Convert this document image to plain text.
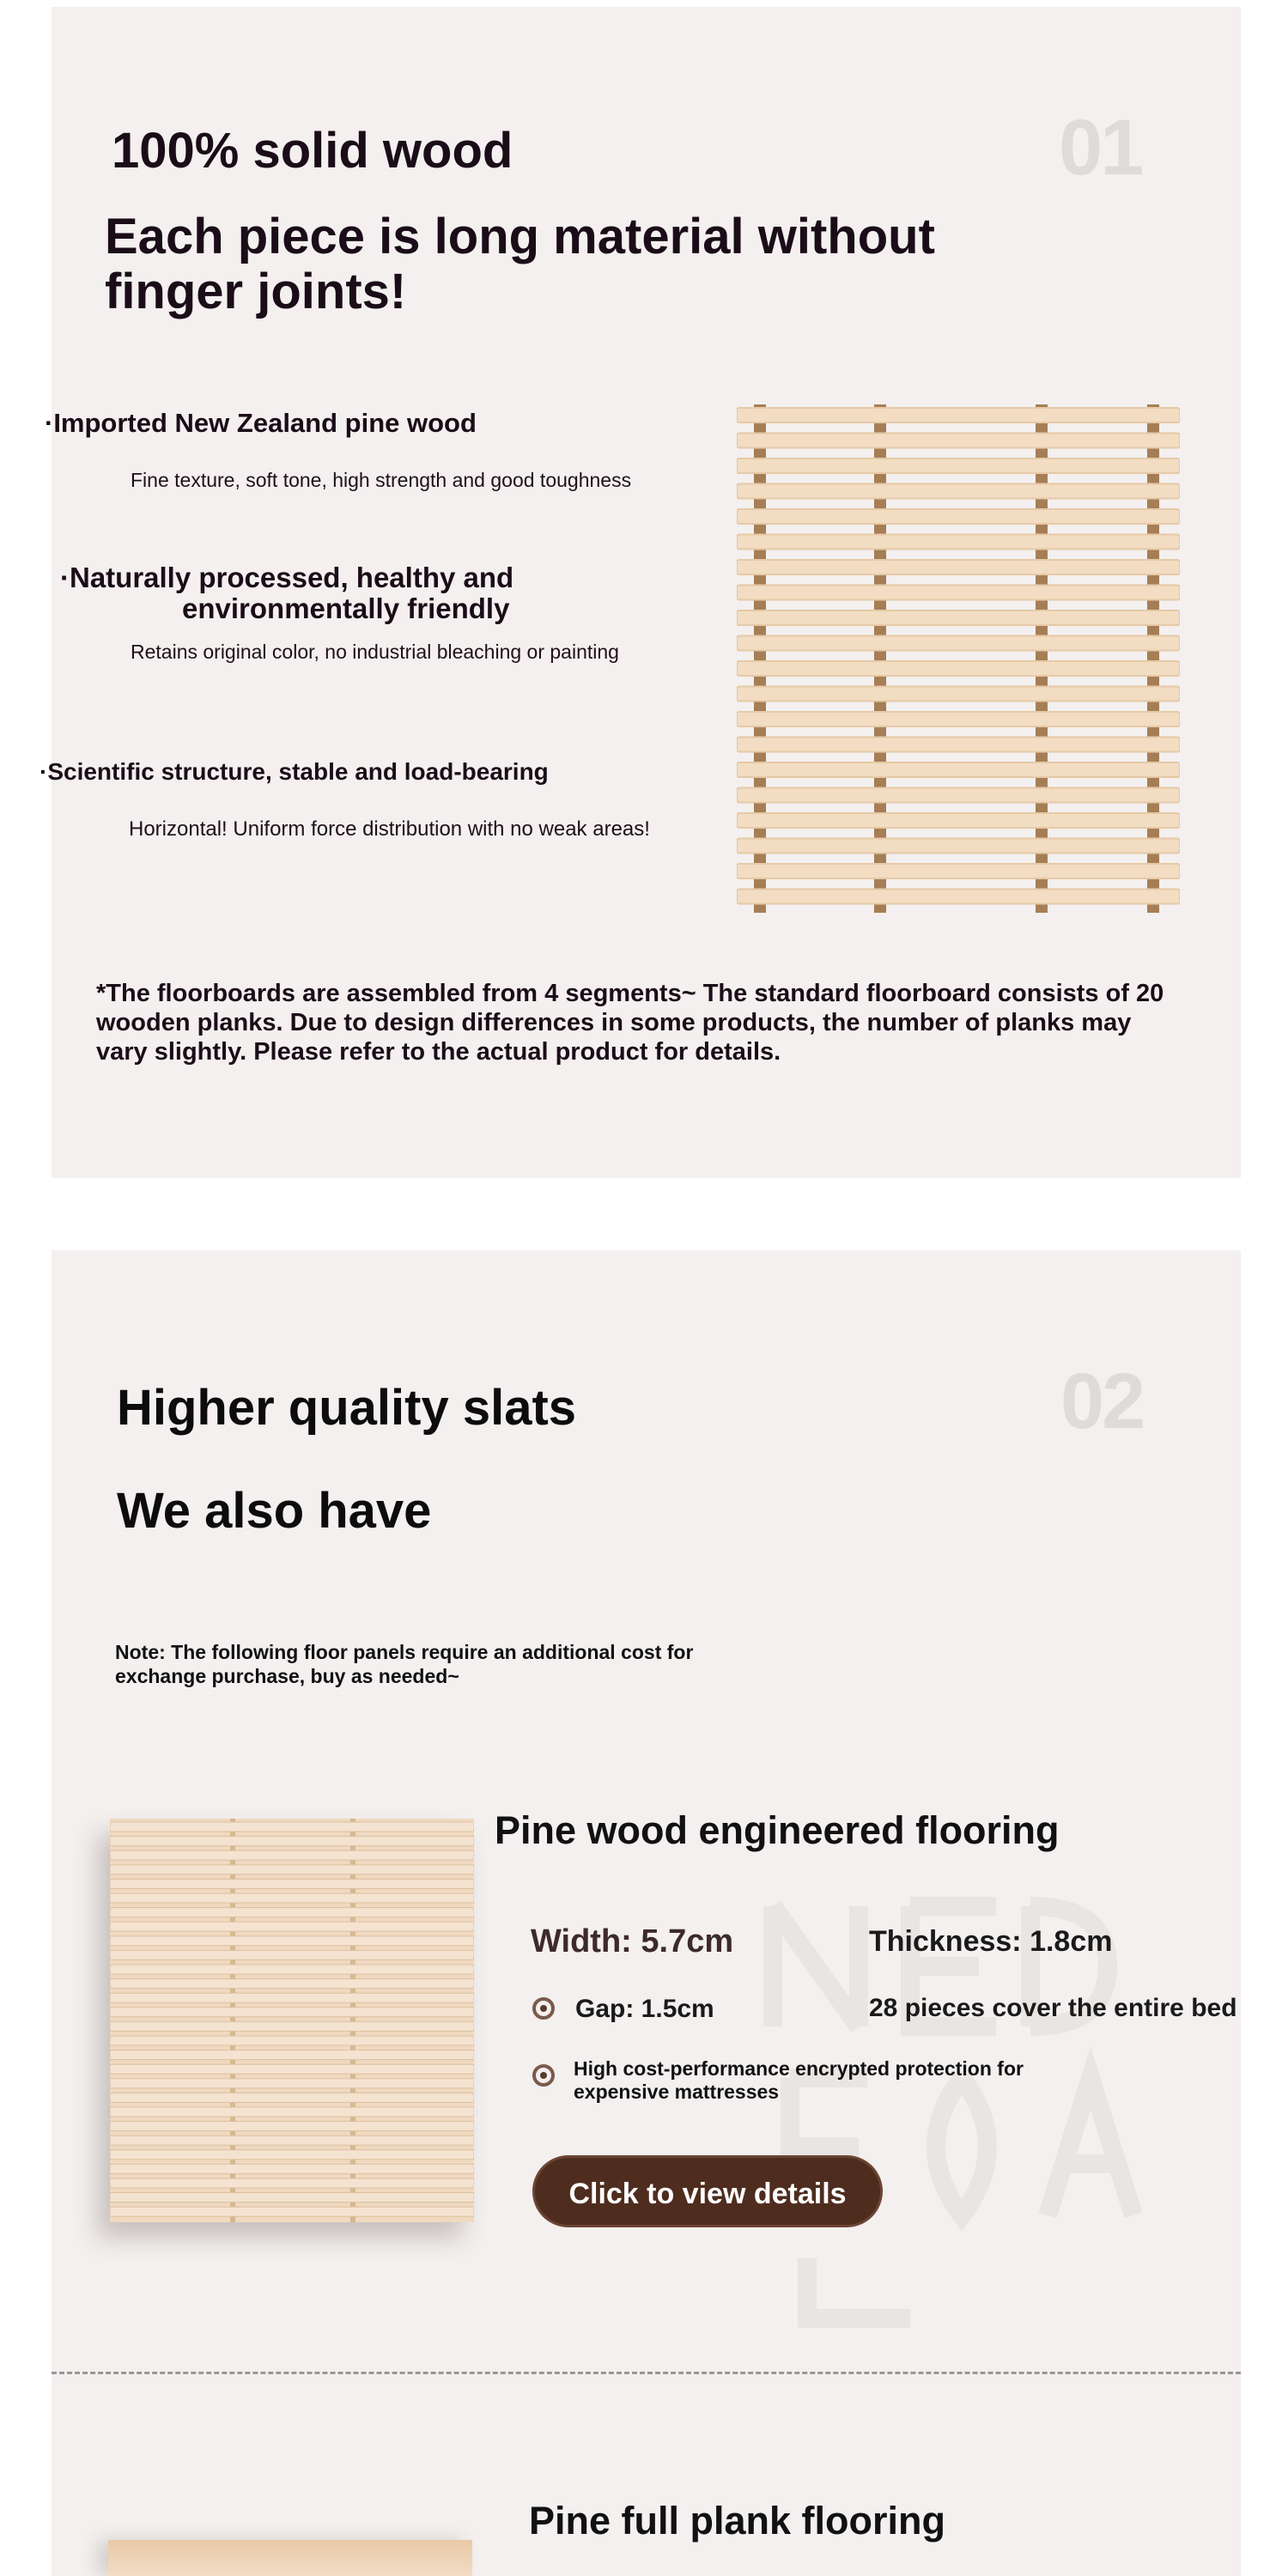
01
100% solid wood
Each piece is long material without finger joints!
·Imported New Zealand pine wood
Fine texture, soft tone, high strength and good toughness
·Naturally processed, healthy and
environmentally friendly
Retains original color, no industrial bleaching or painting
·Scientific structure, stable and load-bearing
Horizontal! Uniform force distribution with no weak areas!
*The floorboards are assembled from 4 segments~ The standard floorboard consists of 20 wooden planks. Due to design differences in some products, the number of planks may vary slightly. Please refer to the actual product for details.
02
Higher quality slats
We also have
Note: The following floor panels require an additional cost for exchange purchase, buy as needed~
Pine wood engineered flooring
Width: 5.7cm	Thickness: 1.8cm
Gap: 1.5cm	28 pieces cover the entire bed
High cost-performance encrypted protection for expensive mattresses
Click to view details
Pine full plank flooring
